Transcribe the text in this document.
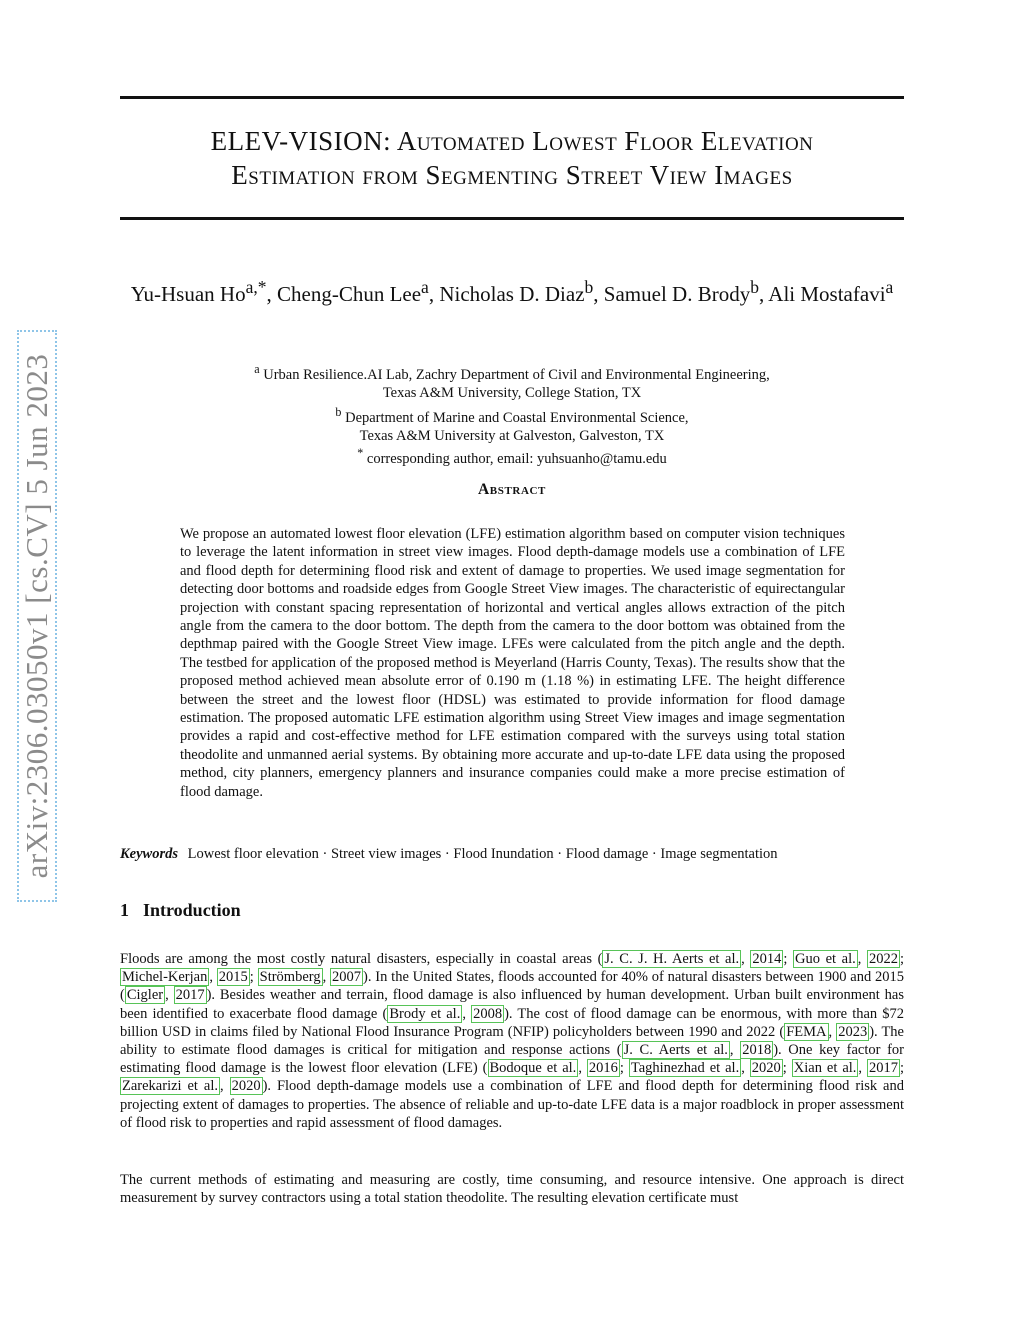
arXiv:2306.03050v1 [cs.CV] 5 Jun 2023
ELEV-VISION: Automated Lowest Floor Elevation
Estimation from Segmenting Street View Images
Yu-Hsuan $Ho^{a,*}$, Cheng-Chun Lee$^a$, Nicholas D. Diaz$^b$, Samuel D. Brody$^b$, Ali Mostafavi$^a$
$^a$ Urban Resilience.AI Lab, Zachry Department of Civil and Environmental Engineering,
Texas A&M University, College Station, TX
$^b$ Department of Marine and Coastal Environmental Science,
Texas A&M University at Galveston, Galveston, TX
* corresponding author, email: yuhsuanho@tamu.edu
Abstract
We propose an automated lowest floor elevation (LFE) estimation algorithm based on computer vision techniques to leverage the latent information in street view images. Flood depth-damage models use a combination of LFE and flood depth for determining flood risk and extent of damage to properties. We used image segmentation for detecting door bottoms and roadside edges from Google Street View images. The characteristic of equirectangular projection with constant spacing representation of horizontal and vertical angles allows extraction of the pitch angle from the camera to the door bottom. The depth from the camera to the door bottom was obtained from the depthmap paired with the Google Street View image. LFEs were calculated from the pitch angle and the depth. The testbed for application of the proposed method is Meyerland (Harris County, Texas). The results show that the proposed method achieved mean absolute error of 0.190 m (1.18 %) in estimating LFE. The height difference between the street and the lowest floor (HDSL) was estimated to provide information for flood damage estimation. The proposed automatic LFE estimation algorithm using Street View images and image segmentation provides a rapid and cost-effective method for LFE estimation compared with the surveys using total station theodolite and unmanned aerial systems. By obtaining more accurate and up-to-date LFE data using the proposed method, city planners, emergency planners and insurance companies could make a more precise estimation of flood damage.
Keywords Lowest floor elevation · Street view images · Flood Inundation · Flood damage · Image segmentation
1 Introduction
Floods are among the most costly natural disasters, especially in coastal areas ( J. C. J. H. Aerts et al. , 2014 ; Guo et al. , 2022 ; Michel-Kerjan , 2015 ; Strömberg , 2007 ). In the United States, floods accounted for 40% of natural disasters between 1900 and 2015 ( Cigler , 2017 ). Besides weather and terrain, flood damage is also influenced by human development. Urban built environment has been identified to exacerbate flood damage ( Brody et al. , 2008 ). The cost of flood damage can be enormous, with more than $72 billion USD in claims filed by National Flood Insurance Program (NFIP) policyholders between 1990 and 2022 ( FEMA , 2023 ). The ability to estimate flood damages is critical for mitigation and response actions ( J. C. Aerts et al. , 2018 ). One key factor for estimating flood damage is the lowest floor elevation (LFE) ( Bodoque et al. , 2016 ; Taghinezhad et al. , 2020 ; Xian et al. , 2017 ; Zarekarizi et al. , 2020 ). Flood depth-damage models use a combination of LFE and flood depth for determining flood risk and projecting extent of damages to properties. The absence of reliable and up-to-date LFE data is a major roadblock in proper assessment of flood risk to properties and rapid assessment of flood damages.
The current methods of estimating and measuring are costly, time consuming, and resource intensive. One approach is direct measurement by survey contractors using a total station theodolite. The resulting elevation certificate must
